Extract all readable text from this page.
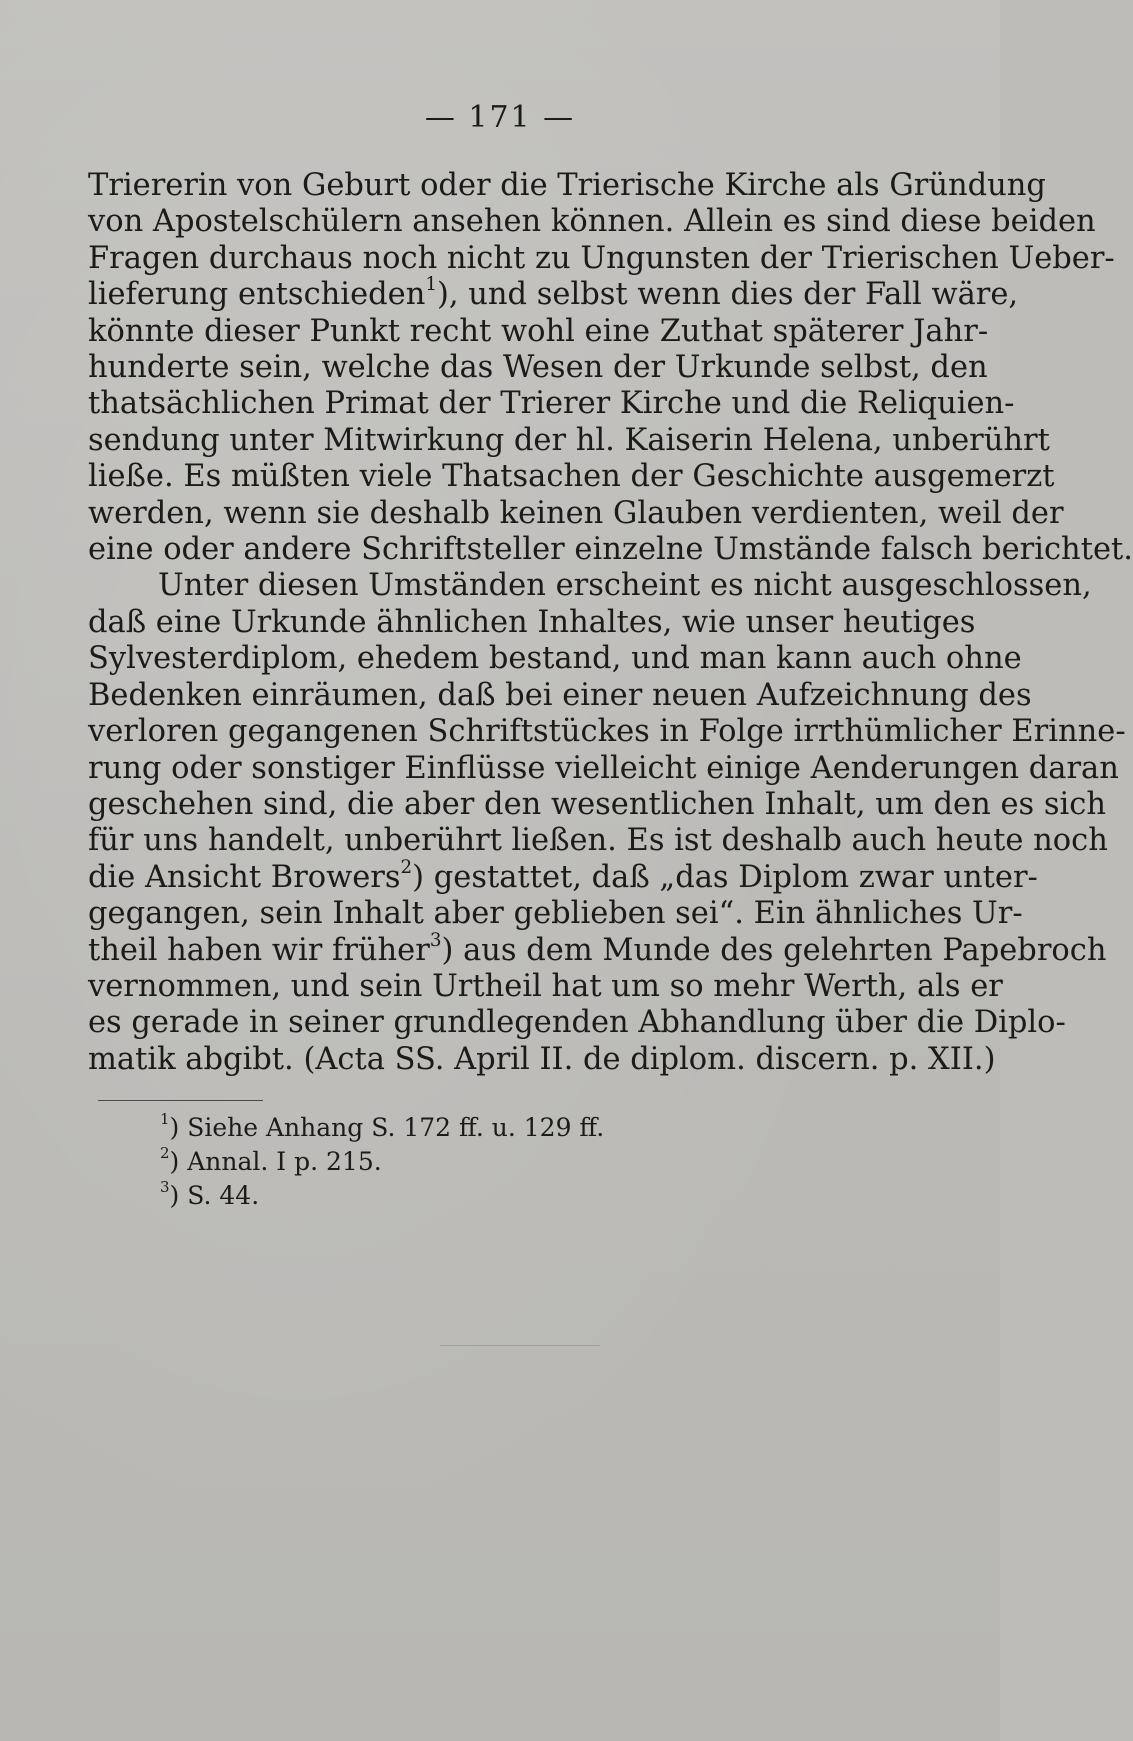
— 171 —
Triererin von Geburt oder die Trierische Kirche als Gründung
von Apostelschülern ansehen können. Allein es sind diese beiden
Fragen durchaus noch nicht zu Ungunsten der Trierischen Ueber-
lieferung entschieden$^1$), und selbst wenn dies der Fall wäre,
könnte dieser Punkt recht wohl eine Zuthat späterer Jahr-
hunderte sein, welche das Wesen der Urkunde selbst, den
thatsächlichen Primat der Trierer Kirche und die Reliquien-
sendung unter Mitwirkung der hl. Kaiserin Helena, unberührt
ließe. Es müßten viele Thatsachen der Geschichte ausgemerzt
werden, wenn sie deshalb keinen Glauben verdienten, weil der
eine oder andere Schriftsteller einzelne Umstände falsch berichtet.
Unter diesen Umständen erscheint es nicht ausgeschlossen,
daß eine Urkunde ähnlichen Inhaltes, wie unser heutiges
Sylvesterdiplom, ehedem bestand, und man kann auch ohne
Bedenken einräumen, daß bei einer neuen Aufzeichnung des
verloren gegangenen Schriftstückes in Folge irrthümlicher Erinne-
rung oder sonstiger Einflüsse vielleicht einige Aenderungen daran
geschehen sind, die aber den wesentlichen Inhalt, um den es sich
für uns handelt, unberührt ließen. Es ist deshalb auch heute noch
die Ansicht Browers$^2$) gestattet, daß „das Diplom zwar unter-
gegangen, sein Inhalt aber geblieben sei“. Ein ähnliches Ur-
theil haben wir früher$^3$) aus dem Munde des gelehrten Papebroch
vernommen, und sein Urtheil hat um so mehr Werth, als er
es gerade in seiner grundlegenden Abhandlung über die Diplo-
matik abgibt. (Acta SS. April II. de diplom. discern. p. XII.)
$^1$) Siehe Anhang S. 172 ff. u. 129 ff.
$^2$) Annal. I p. 215.
$^3$) S. 44.
